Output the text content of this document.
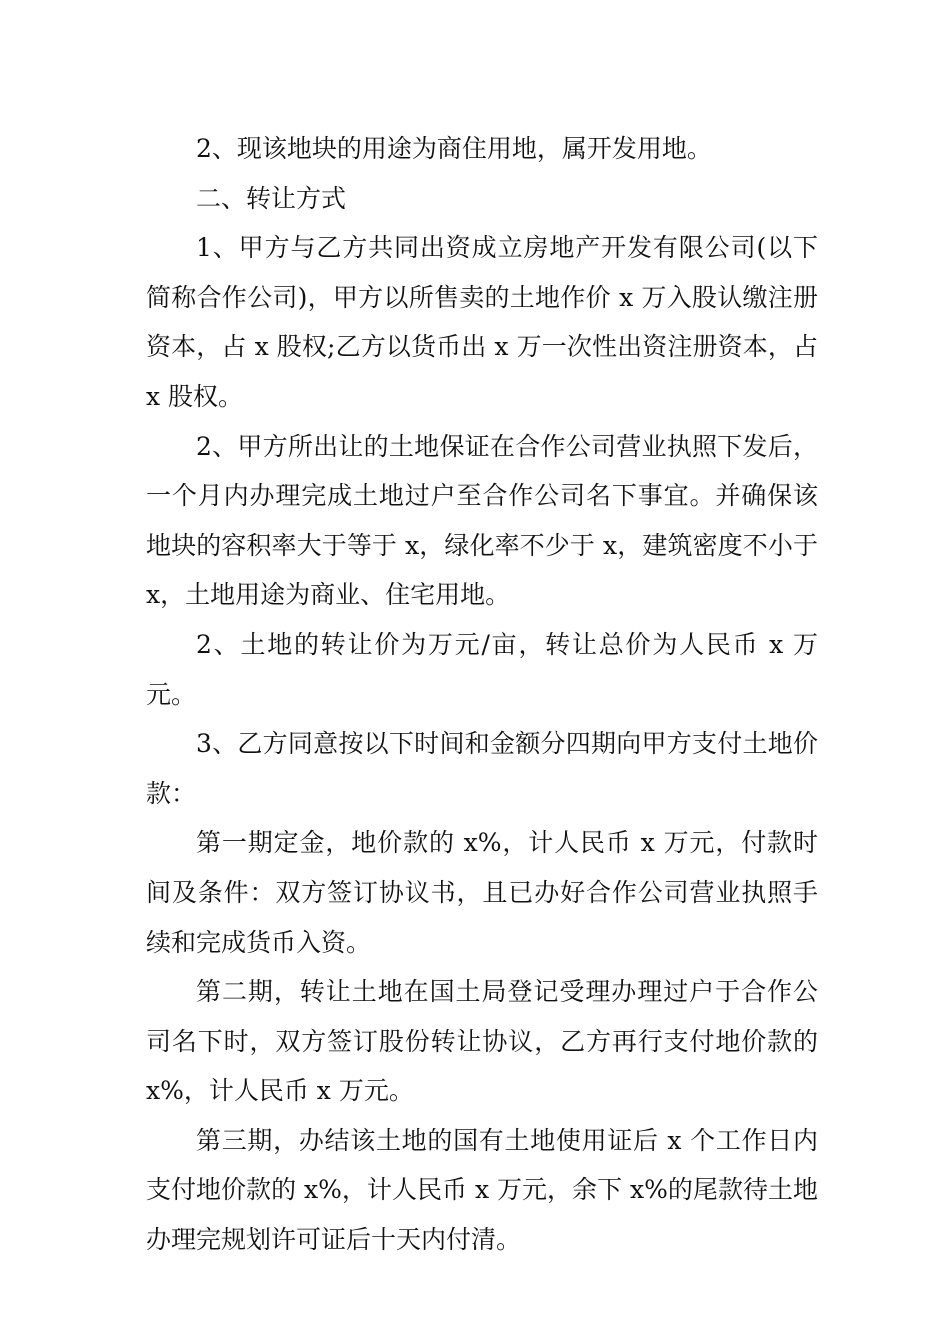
2、现该地块的用途为商住用地，属开发用地。

二、转让方式

1、甲方与乙方共同出资成立房地产开发有限公司(以下简称合作公司)，甲方以所售卖的土地作价 x 万入股认缴注册资本，占 x 股权;乙方以货币出 x 万一次性出资注册资本，占 x 股权。

2、甲方所出让的土地保证在合作公司营业执照下发后，一个月内办理完成土地过户至合作公司名下事宜。并确保该地块的容积率大于等于 x，绿化率不少于 x，建筑密度不小于 x，土地用途为商业、住宅用地。

2、土地的转让价为万元/亩，转让总价为人民币 x 万元。

3、乙方同意按以下时间和金额分四期向甲方支付土地价款：

第一期定金，地价款的 x%，计人民币 x 万元，付款时间及条件：双方签订协议书，且已办好合作公司营业执照手续和完成货币入资。

第二期，转让土地在国土局登记受理办理过户于合作公司名下时，双方签订股份转让协议，乙方再行支付地价款的 x%，计人民币 x 万元。

第三期，办结该土地的国有土地使用证后 x 个工作日内支付地价款的 x%，计人民币 x 万元，余下 x%的尾款待土地办理完规划许可证后十天内付清。
